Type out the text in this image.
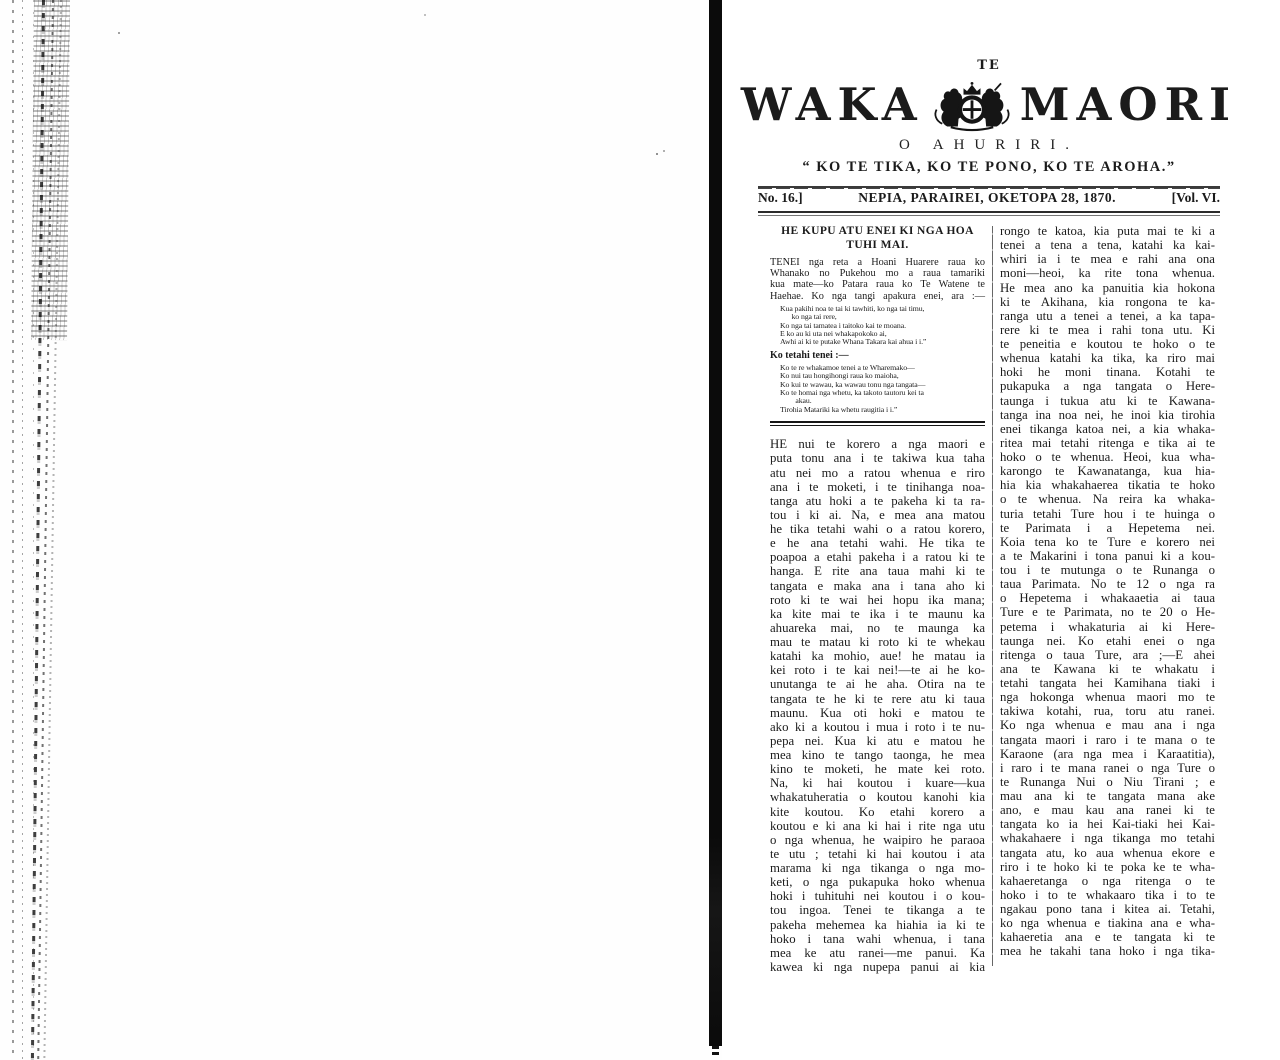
TE
WAKA MAORI
O AHURIRI.
“ KO TE TIKA, KO TE PONO, KO TE AROHA.”
No. 16.]	NEPIA, PARAIREI, OKETOPA 28, 1870.	[Vol. VI.
HE KUPU ATU ENEI KI NGA HOA
TUHI MAI.
TENEI nga reta a Hoani Huarere raua ko
Whanako no Pukehou mo a raua tamariki
kua mate—ko Patara raua ko Te Watene te
Haehae. Ko nga tangi apakura enei, ara :—
Kua pakihi noa te tai ki tawhiti, ko nga tai timu,
  ko nga tai rere,
Ko nga tai tamatea i taitoko kai te moana.
E ko au ki uta nei whakapokoko ai,
Awhi ai ki te putake Whana Takara kai ahua i i.”
Ko tetahi tenei :—
Ko te re whakamoe tenei a te Wharemako—
Ko nui tau hongihongi raua ko maioha,
Ko kui te wawau, ka wawau tonu nga tangata—
Ko te homai nga whetu, ka takoto tautoru kei ta
  akau.
Tirohia Matariki ka whetu raugitia i i.”
HE nui te korero a nga maori e
puta tonu ana i te takiwa kua taha
atu nei mo a ratou whenua e riro
ana i te moketi, i te tinihanga noa-
tanga atu hoki a te pakeha ki ta ra-
tou i ki ai. Na, e mea ana matou
he tika tetahi wahi o a ratou korero,
e he ana tetahi wahi. He tika te
poapoa a etahi pakeha i a ratou ki te
hanga. E rite ana taua mahi ki te
tangata e maka ana i tana aho ki
roto ki te wai hei hopu ika mana;
ka kite mai te ika i te maunu ka
ahuareka mai, no te maunga ka
mau te matau ki roto ki te whekau
katahi ka mohio, aue! he matau ia
kei roto i te kai nei!—te ai he ko-
unutanga te ai he aha. Otira na te
tangata te he ki te rere atu ki taua
maunu. Kua oti hoki e matou te
ako ki a koutou i mua i roto i te nu-
pepa nei. Kua ki atu e matou he
mea kino te tango taonga, he mea
kino te moketi, he mate kei roto.
Na, ki hai koutou i kuare—kua
whakatuheratia o koutou kanohi kia
kite koutou. Ko etahi korero a
koutou e ki ana ki hai i rite nga utu
o nga whenua, he waipiro he paraoa
te utu ; tetahi ki hai koutou i ata
marama ki nga tikanga o nga mo-
keti, o nga pukapuka hoko whenua
hoki i tuhituhi nei koutou i o kou-
tou ingoa. Tenei te tikanga a te
pakeha mehemea ka hiahia ia ki te
hoko i tana wahi whenua, i tana
mea ke atu ranei—me panui. Ka
kawea ki nga nupepa panui ai kia
rongo te katoa, kia puta mai te ki a
tenei a tena a tena, katahi ka kai-
whiri ia i te mea e rahi ana ona
moni—heoi, ka rite tona whenua.
He mea ano ka panuitia kia hokona
ki te Akihana, kia rongona te ka-
ranga utu a tenei a tenei, a ka tapa-
rere ki te mea i rahi tona utu. Ki
te peneitia e koutou te hoko o te
whenua katahi ka tika, ka riro mai
hoki he moni tinana. Kotahi te
pukapuka a nga tangata o Here-
taunga i tukua atu ki te Kawana-
tanga ina noa nei, he inoi kia tirohia
enei tikanga katoa nei, a kia whaka-
ritea mai tetahi ritenga e tika ai te
hoko o te whenua. Heoi, kua wha-
karongo te Kawanatanga, kua hia-
hia kia whakahaerea tikatia te hoko
o te whenua. Na reira ka whaka-
turia tetahi Ture hou i te huinga o
te Parimata i a Hepetema nei.
Koia tena ko te Ture e korero nei
a te Makarini i tona panui ki a kou-
tou i te mutunga o te Runanga o
taua Parimata. No te 12 o nga ra
o Hepetema i whakaaetia ai taua
Ture e te Parimata, no te 20 o He-
petema i whakaturia ai ki Here-
taunga nei. Ko etahi enei o nga
ritenga o taua Ture, ara ;—E ahei
ana te Kawana ki te whakatu i
tetahi tangata hei Kamihana tiaki i
nga hokonga whenua maori mo te
takiwa kotahi, rua, toru atu ranei.
Ko nga whenua e mau ana i nga
tangata maori i raro i te mana o te
Karaone (ara nga mea i Karaatitia),
i raro i te mana ranei o nga Ture o
te Runanga Nui o Niu Tirani ; e
mau ana ki te tangata mana ake
ano, e mau kau ana ranei ki te
tangata ko ia hei Kai-tiaki hei Kai-
whakahaere i nga tikanga mo tetahi
tangata atu, ko aua whenua ekore e
riro i te hoko ki te poka ke te wha-
kahaeretanga o nga ritenga o te
hoko i to te whakaaro tika i to te
ngakau pono tana i kitea ai. Tetahi,
ko nga whenua e tiakina ana e wha-
kahaeretia ana e te tangata ki te
mea he takahi tana hoko i nga tika-
